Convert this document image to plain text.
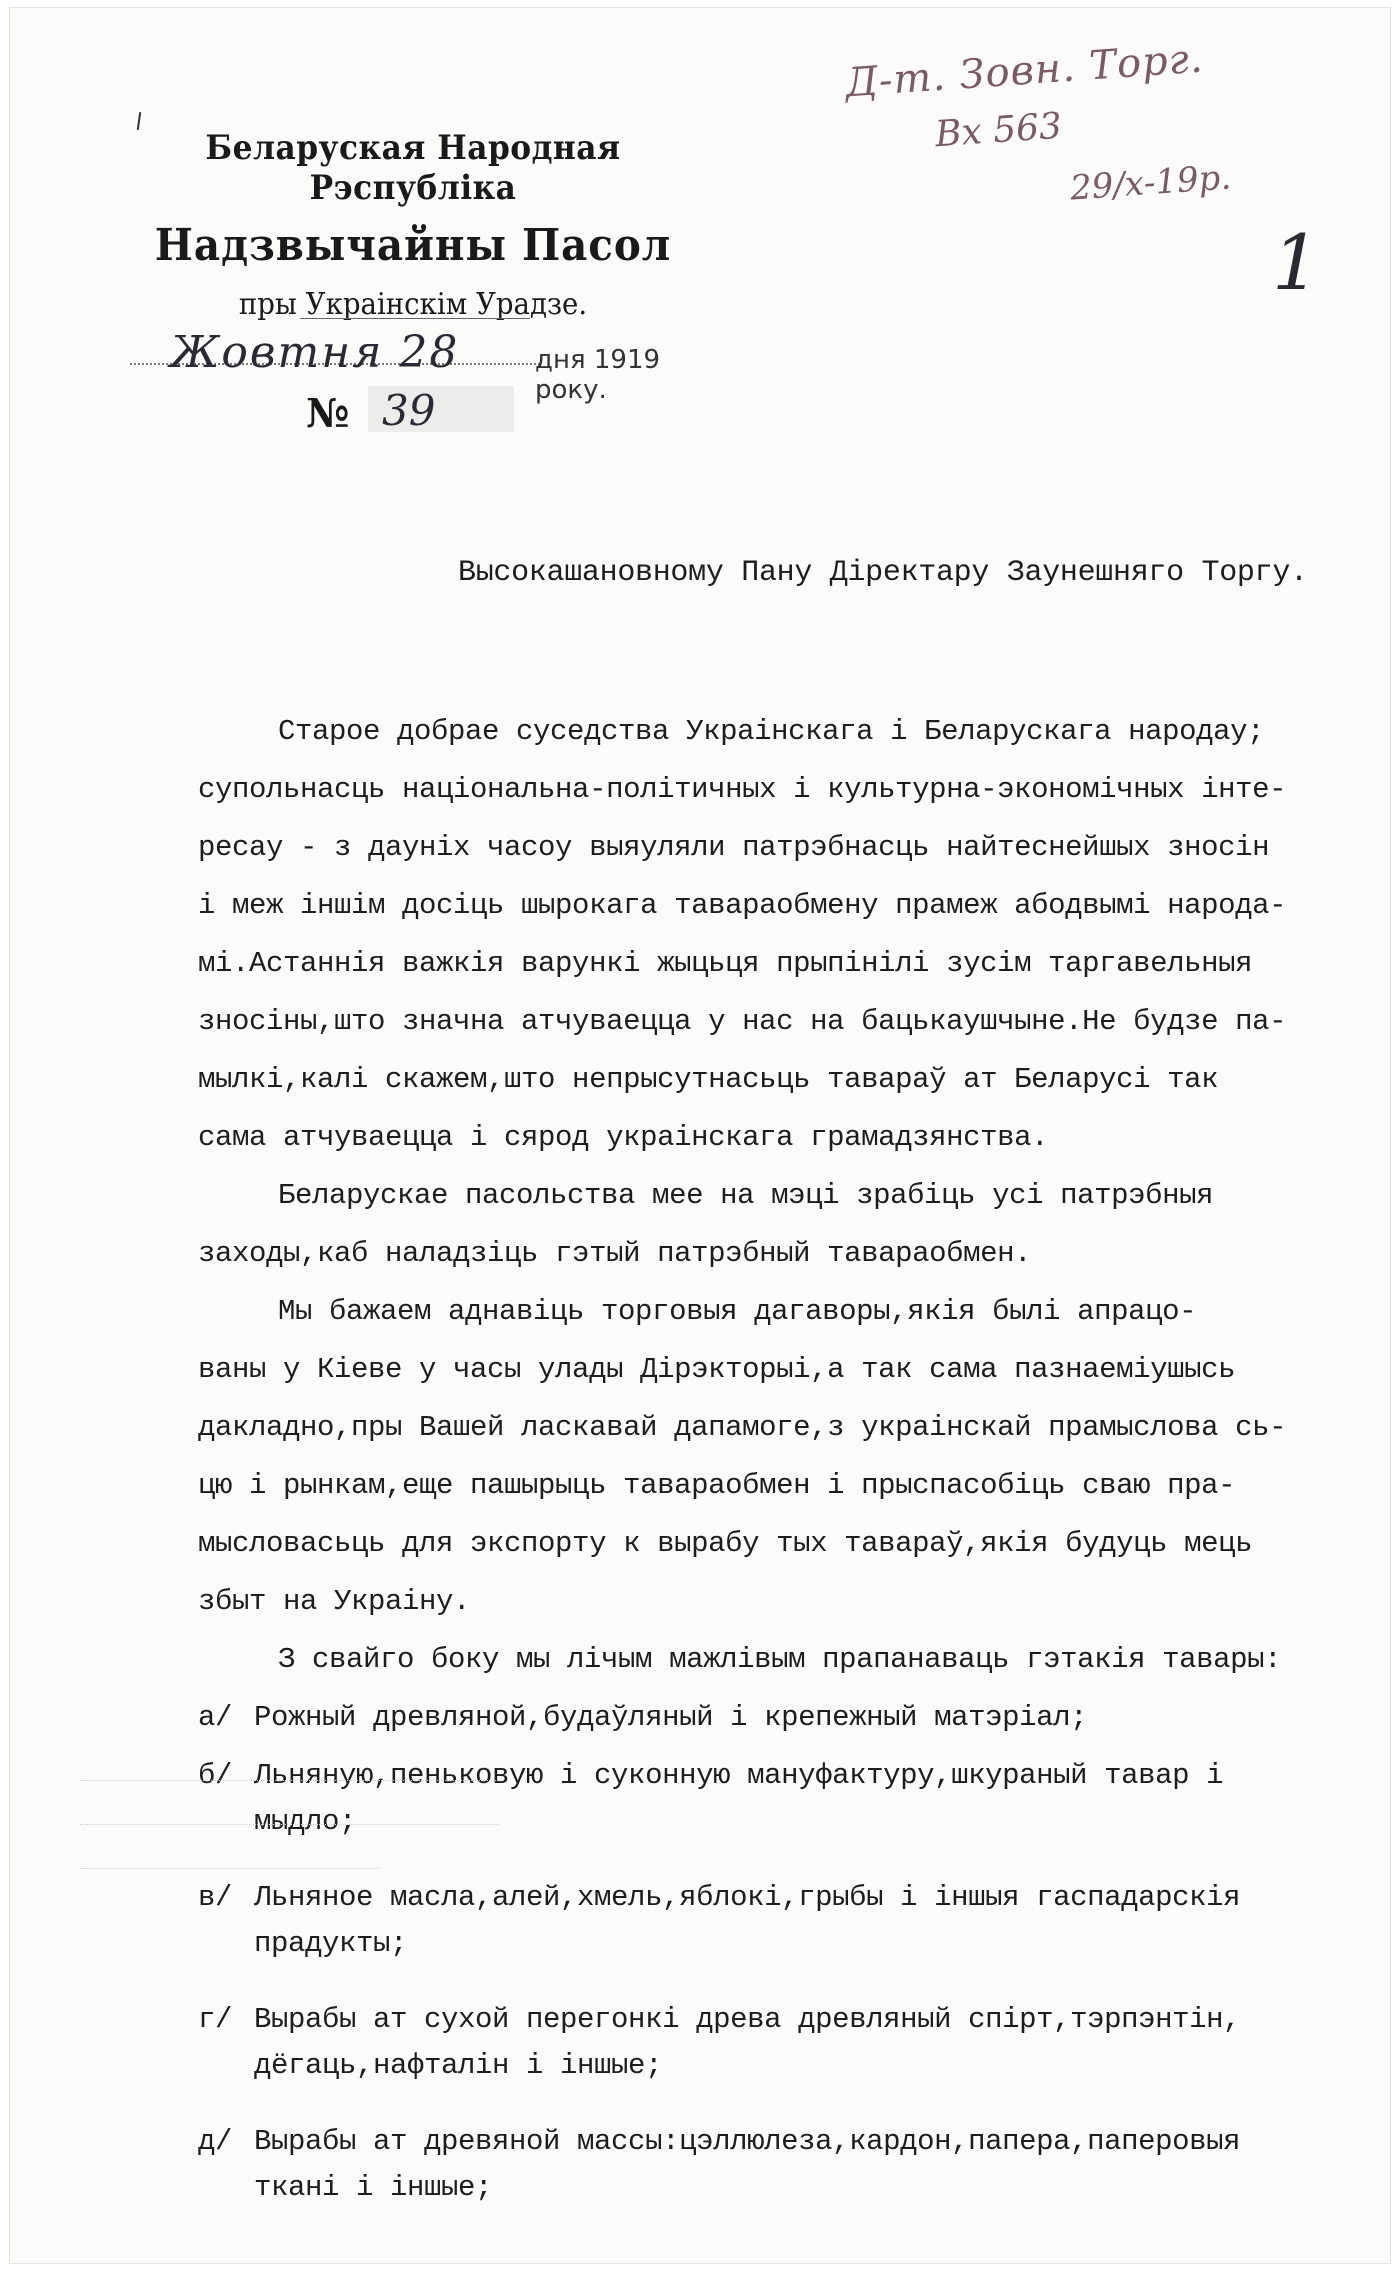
Беларуская Народная Рэспубліка
Надзвычайны Пасол
пры Украінскім Урадзе.
Жовтня 28	дня 1919 року.
№ 39
Д-т. Зовн. Торг.
Вх 563
29/х-19р.
1
Высокашановному Пану Дiректару Заунешняго Торгу.
Старое добрае суседства Украінскага і Беларускага народау;
супольнасць національна-політичных і культурна-экономічных інте-
ресау - з дауніх часоу выяуляли патрэбнасць найтеснейшых зносін
і меж іншім досіць шырокага тавараобмену прамеж абодвымі народа-
мі.Астаннія важкія варункі жыцьця прыпінілі зусім таргавельныя
зносіны,што значна атчуваецца у нас на бацькаушчыне.Не будзе па-
мылкі,калі скажем,што непрысутнасьць тавараў ат Беларусі так
сама атчуваецца і сярод украінскага грамадзянства.
Беларускае пасольства мее на мэці зрабіць усі патрэбныя
заходы,каб наладзіць гэтый патрэбный тавараобмен.
Мы бажаем аднавіць торговыя дагаворы,якія былі апрацо-
ваны у Кіеве у часы улады Дірэкторыі,а так сама пазнаеміушысь
дакладно,пры Вашей ласкавай дапамоге,з украінскай прамыслова сь-
цю і рынкам,еще пашырыць тавараобмен і прыспасобіць сваю пра-
мысловасьць для экспорту к вырабу тых тавараў,якія будуць мець
збыт на Украіну.
З свайго боку мы лічым мажлівым прапанаваць гэтакія тавары:
а/ Рожный древляной,будаўляный і крепежный матэріал;
б/ Льняную,пеньковую і суконную мануфактуру,шкураный тавар і
мыдло;
в/ Льняное масла,алей,хмель,яблокі,грыбы і іншыя гаспадарскія
прадукты;
г/ Вырабы ат сухой перегонкі древа древляный спірт,тэрпэнтін,
дёгаць,нафталін і іншые;
д/ Вырабы ат древяной массы:цэллюлеза,кардон,папера,паперовыя
ткані і іншые;
